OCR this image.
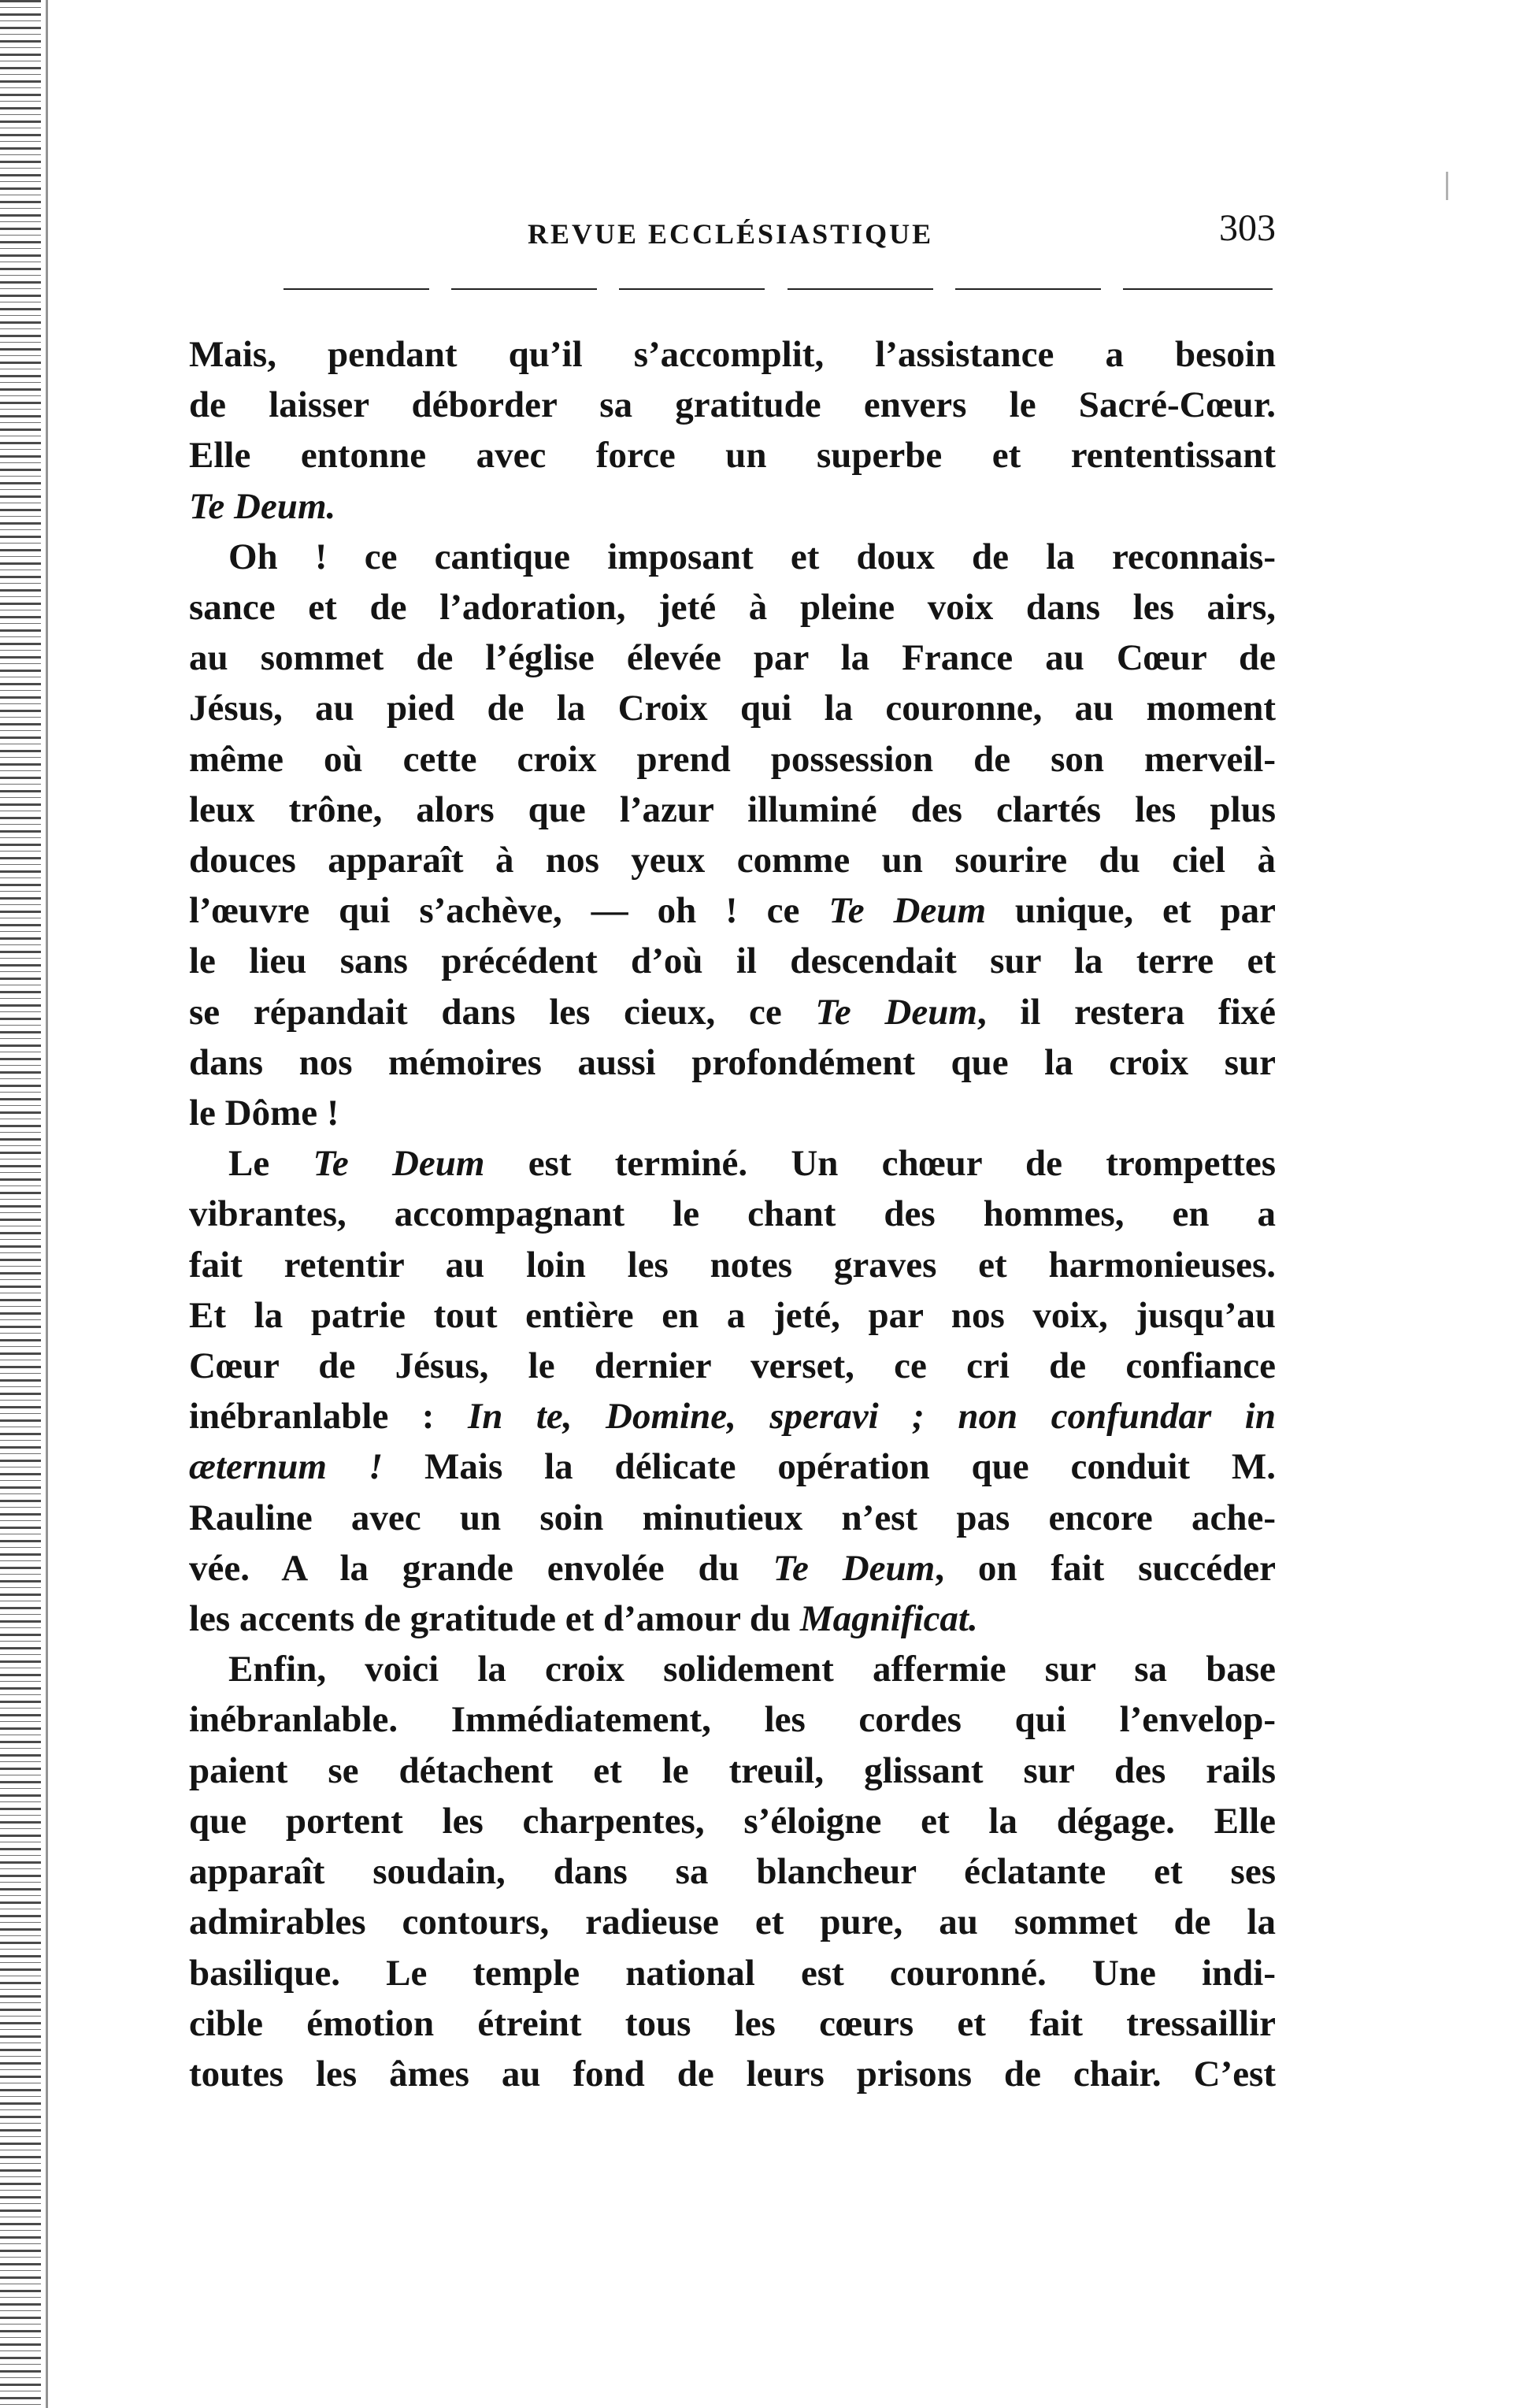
REVUE ECCLÉSIASTIQUE	303
Mais, pendant qu’il s’accomplit, l’assistance a besoin
de laisser déborder sa gratitude envers le Sacré-Cœur.
Elle entonne avec force un superbe et rententissant
Te Deum.
Oh ! ce cantique imposant et doux de la reconnais-
sance et de l’adoration, jeté à pleine voix dans les airs,
au sommet de l’église élevée par la France au Cœur de
Jésus, au pied de la Croix qui la couronne, au moment
même où cette croix prend possession de son merveil-
leux trône, alors que l’azur illuminé des clartés les plus
douces apparaît à nos yeux comme un sourire du ciel à
l’œuvre qui s’achève, — oh ! ce Te Deum unique, et par
le lieu sans précédent d’où il descendait sur la terre et
se répandait dans les cieux, ce Te Deum, il restera fixé
dans nos mémoires aussi profondément que la croix sur
le Dôme !
Le Te Deum est terminé. Un chœur de trompettes
vibrantes, accompagnant le chant des hommes, en a
fait retentir au loin les notes graves et harmonieuses.
Et la patrie tout entière en a jeté, par nos voix, jusqu’au
Cœur de Jésus, le dernier verset, ce cri de confiance
inébranlable : In te, Domine, speravi ; non confundar in
æternum ! Mais la délicate opération que conduit M.
Rauline avec un soin minutieux n’est pas encore ache-
vée. A la grande envolée du Te Deum, on fait succéder
les accents de gratitude et d’amour du Magnificat.
Enfin, voici la croix solidement affermie sur sa base
inébranlable. Immédiatement, les cordes qui l’envelop-
paient se détachent et le treuil, glissant sur des rails
que portent les charpentes, s’éloigne et la dégage. Elle
apparaît soudain, dans sa blancheur éclatante et ses
admirables contours, radieuse et pure, au sommet de la
basilique. Le temple national est couronné. Une indi-
cible émotion étreint tous les cœurs et fait tressaillir
toutes les âmes au fond de leurs prisons de chair. C’est
